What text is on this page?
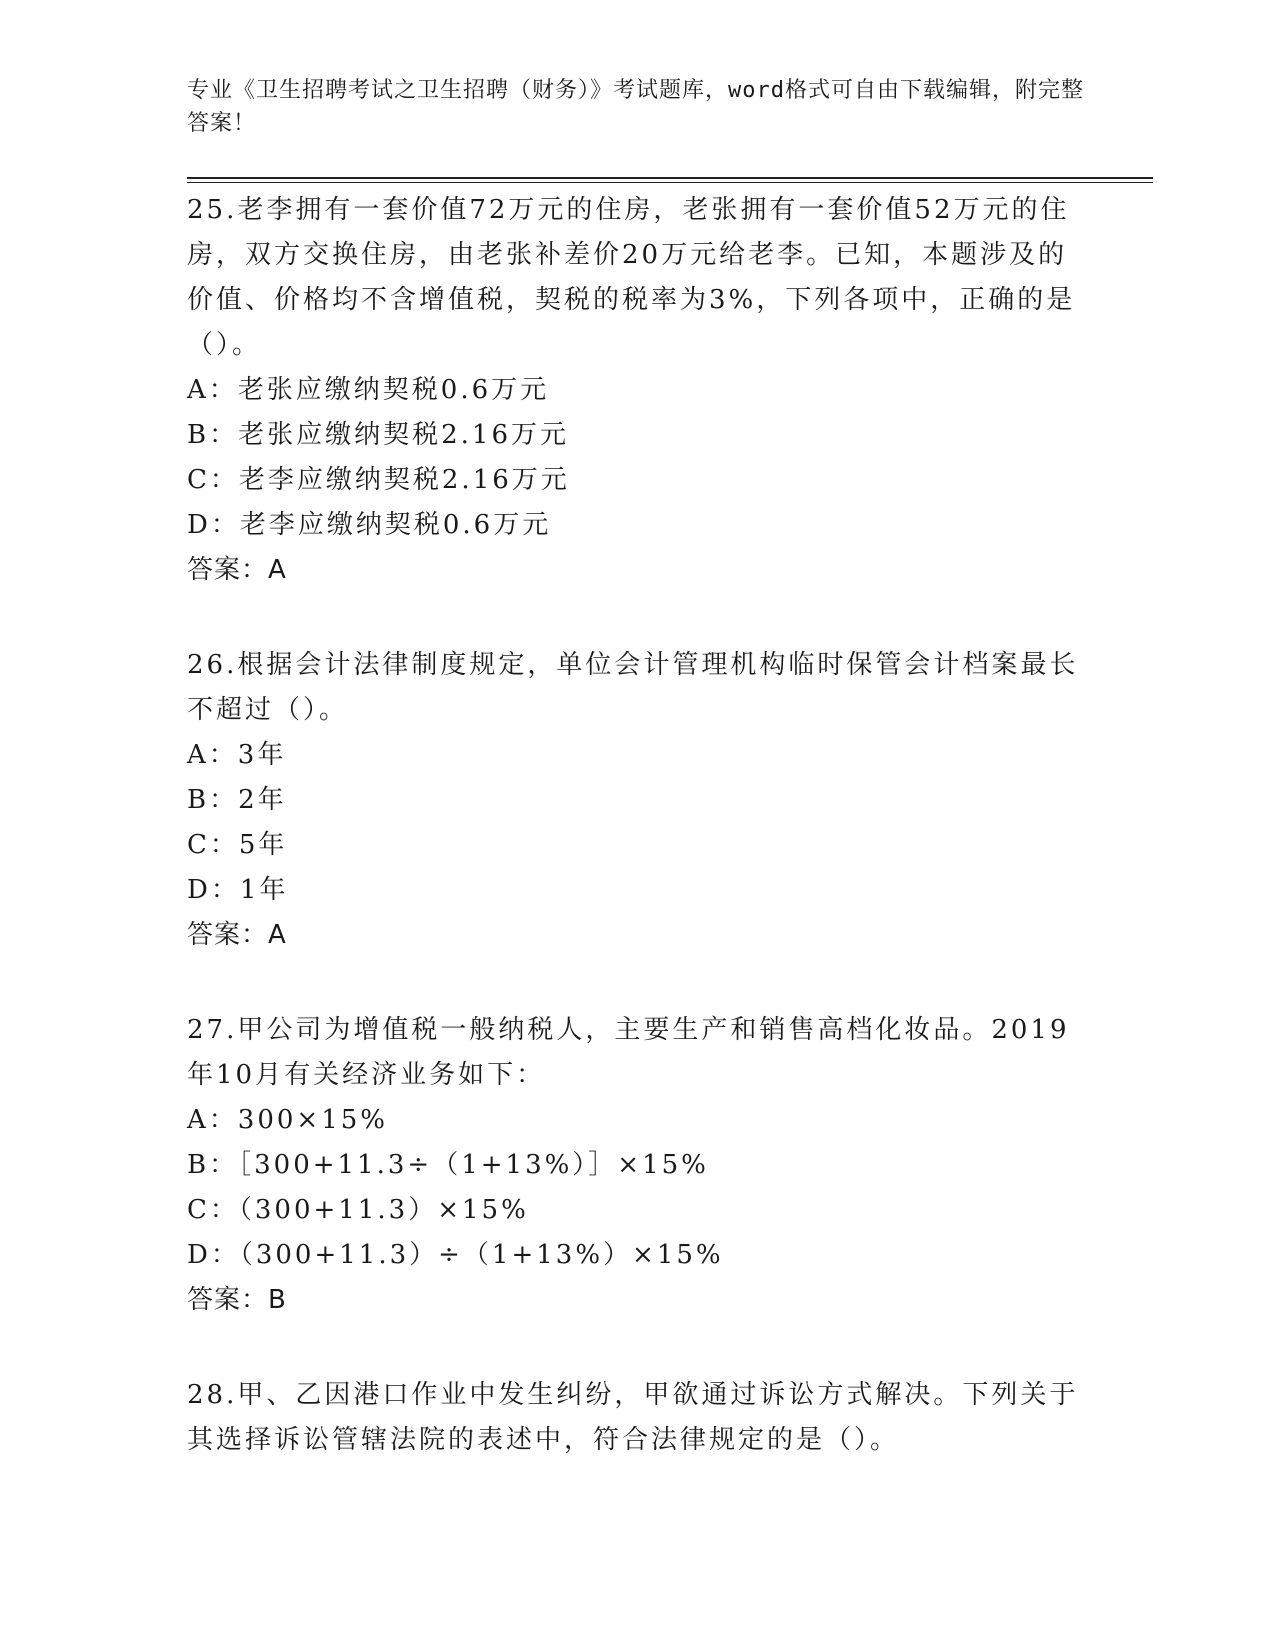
专业《卫生招聘考试之卫生招聘（财务）》考试题库，word格式可自由下载编辑，附完整答案！

25.老李拥有一套价值72万元的住房，老张拥有一套价值52万元的住房，双方交换住房，由老张补差价20万元给老李。已知，本题涉及的价值、价格均不含增值税，契税的税率为3%，下列各项中，正确的是（）。

A：老张应缴纳契税0.6万元

B：老张应缴纳契税2.16万元

C：老李应缴纳契税2.16万元

D：老李应缴纳契税0.6万元

答案：A

26.根据会计法律制度规定，单位会计管理机构临时保管会计档案最长不超过（）。

A：3年

B：2年

C：5年

D：1年

答案：A

27.甲公司为增值税一般纳税人，主要生产和销售高档化妆品。2019年10月有关经济业务如下：

A：300×15%

B：［300+11.3÷（1+13%）］×15%

C：（300+11.3）×15%

D：（300+11.3）÷（1+13%）×15%

答案：B

28.甲、乙因港口作业中发生纠纷，甲欲通过诉讼方式解决。下列关于其选择诉讼管辖法院的表述中，符合法律规定的是（）。
